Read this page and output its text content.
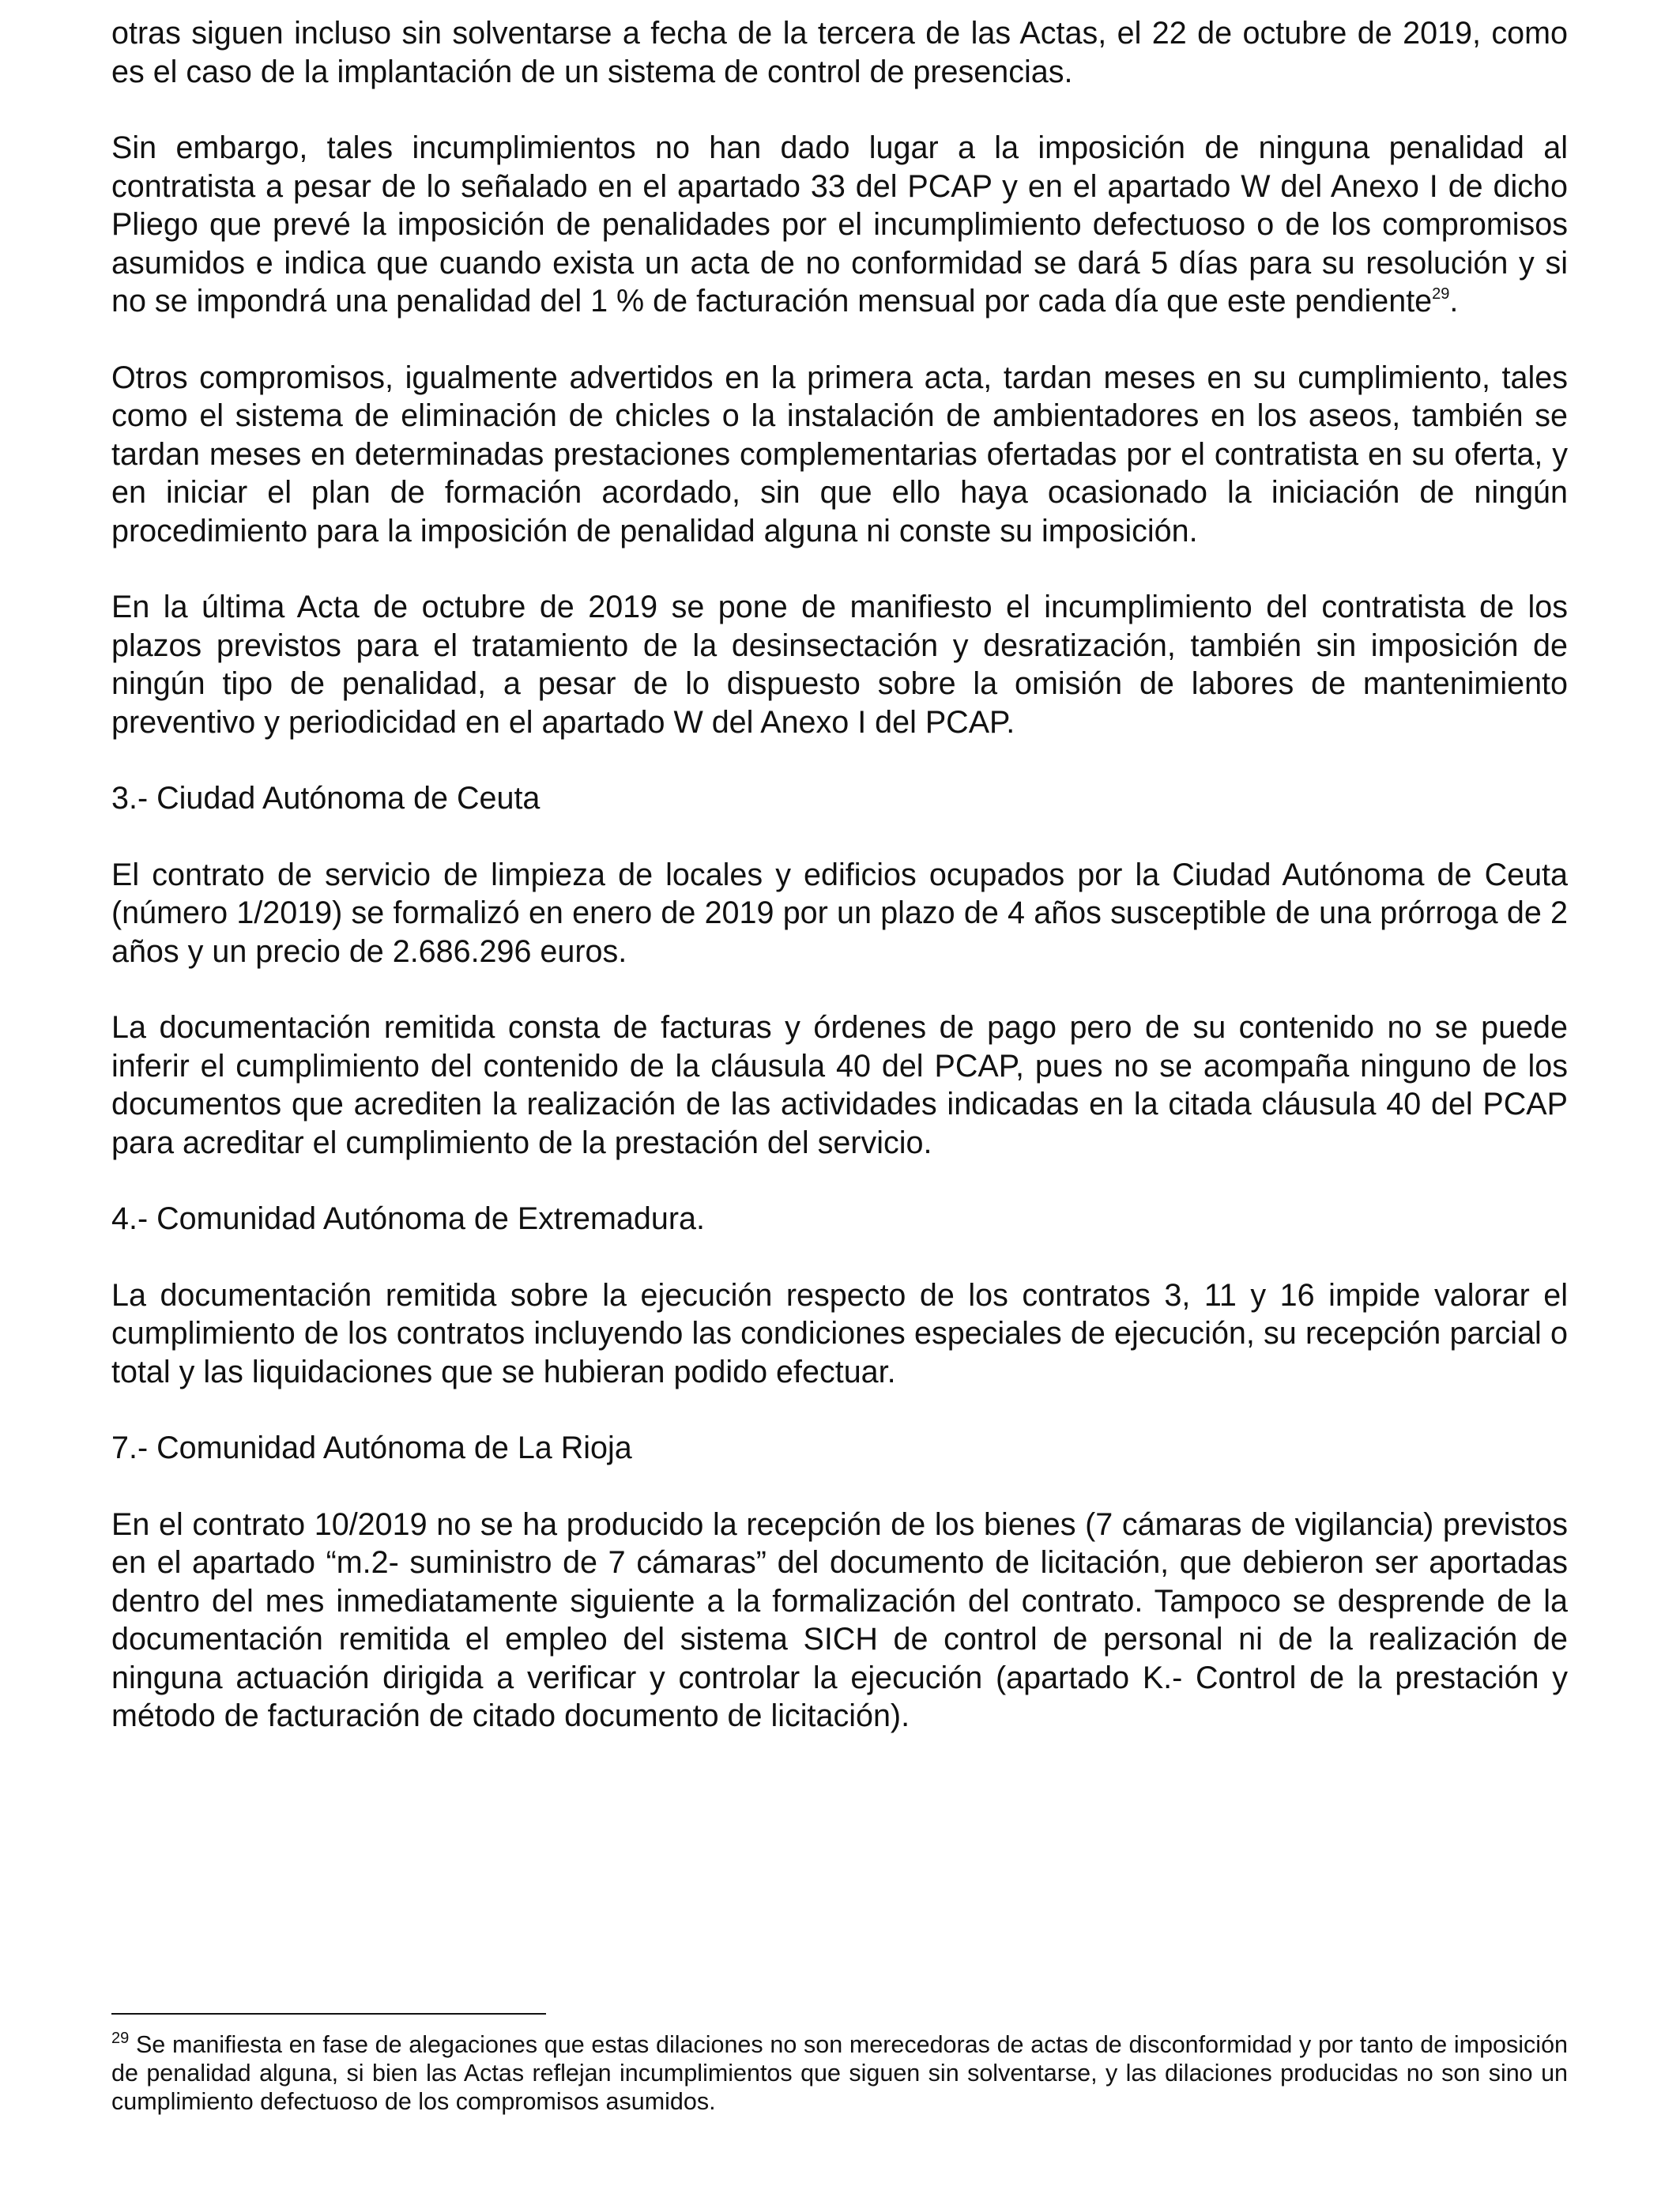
otras siguen incluso sin solventarse a fecha de la tercera de las Actas, el 22 de octubre de 2019, como es el caso de la implantación de un sistema de control de presencias.

Sin embargo, tales incumplimientos no han dado lugar a la imposición de ninguna penalidad al contratista a pesar de lo señalado en el apartado 33 del PCAP y en el apartado W del Anexo I de dicho Pliego que prevé la imposición de penalidades por el incumplimiento defectuoso o de los compromisos asumidos e indica que cuando exista un acta de no conformidad se dará 5 días para su resolución y si no se impondrá una penalidad del 1 % de facturación mensual por cada día que este pendiente$^{29}$.

Otros compromisos, igualmente advertidos en la primera acta, tardan meses en su cumplimiento, tales como el sistema de eliminación de chicles o la instalación de ambientadores en los aseos, también se tardan meses en determinadas prestaciones complementarias ofertadas por el contratista en su oferta, y en iniciar el plan de formación acordado, sin que ello haya ocasionado la iniciación de ningún procedimiento para la imposición de penalidad alguna ni conste su imposición.

En la última Acta de octubre de 2019 se pone de manifiesto el incumplimiento del contratista de los plazos previstos para el tratamiento de la desinsectación y desratización, también sin imposición de ningún tipo de penalidad, a pesar de lo dispuesto sobre la omisión de labores de mantenimiento preventivo y periodicidad en el apartado W del Anexo I del PCAP.

3.- Ciudad Autónoma de Ceuta

El contrato de servicio de limpieza de locales y edificios ocupados por la Ciudad Autónoma de Ceuta (número 1/2019) se formalizó en enero de 2019 por un plazo de 4 años susceptible de una prórroga de 2 años y un precio de 2.686.296 euros.

La documentación remitida consta de facturas y órdenes de pago pero de su contenido no se puede inferir el cumplimiento del contenido de la cláusula 40 del PCAP, pues no se acompaña ninguno de los documentos que acrediten la realización de las actividades indicadas en la citada cláusula 40 del PCAP para acreditar el cumplimiento de la prestación del servicio.

4.- Comunidad Autónoma de Extremadura.

La documentación remitida sobre la ejecución respecto de los contratos 3, 11 y 16 impide valorar el cumplimiento de los contratos incluyendo las condiciones especiales de ejecución, su recepción parcial o total y las liquidaciones que se hubieran podido efectuar.

7.- Comunidad Autónoma de La Rioja

En el contrato 10/2019 no se ha producido la recepción de los bienes (7 cámaras de vigilancia) previstos en el apartado “m.2- suministro de 7 cámaras” del documento de licitación, que debieron ser aportadas dentro del mes inmediatamente siguiente a la formalización del contrato. Tampoco se desprende de la documentación remitida el empleo del sistema SICH de control de personal ni de la realización de ninguna actuación dirigida a verificar y controlar la ejecución (apartado K.- Control de la prestación y método de facturación de citado documento de licitación).

$^{29}$ Se manifiesta en fase de alegaciones que estas dilaciones no son merecedoras de actas de disconformidad y por tanto de imposición de penalidad alguna, si bien las Actas reflejan incumplimientos que siguen sin solventarse, y las dilaciones producidas no son sino un cumplimiento defectuoso de los compromisos asumidos.
